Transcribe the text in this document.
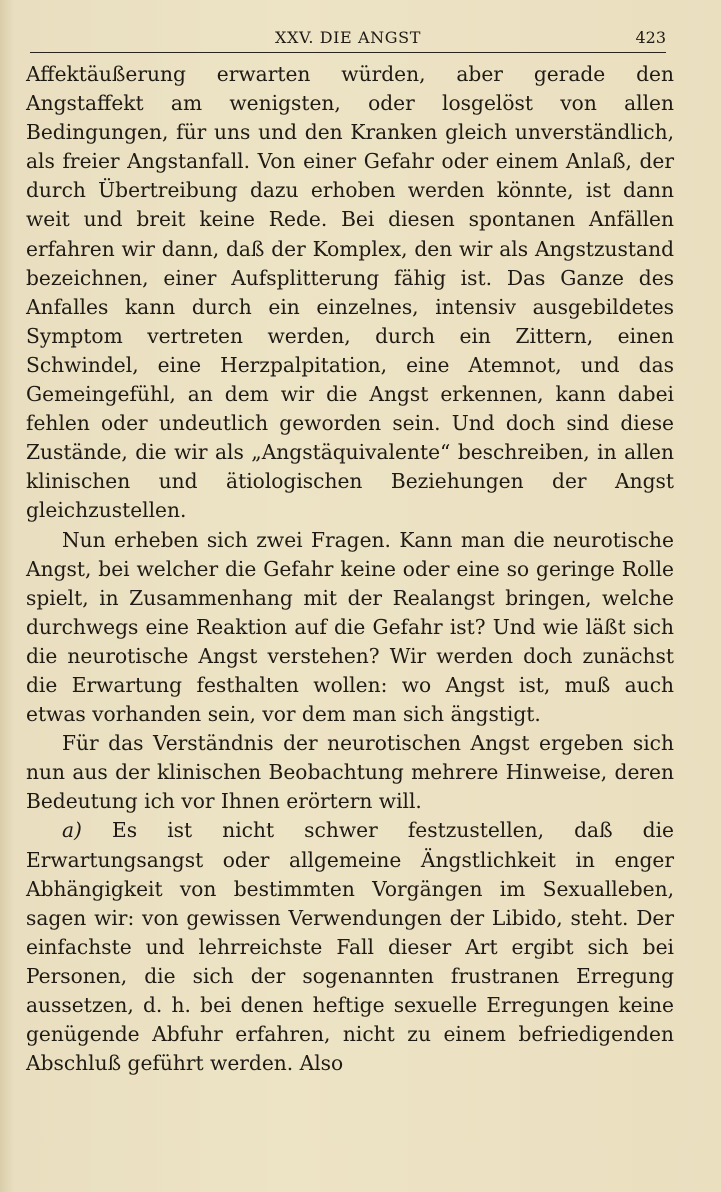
XXV. DIE ANGST	423

Affektäußerung erwarten würden, aber gerade den Angstaffekt am wenigsten, oder losgelöst von allen Bedingungen, für uns und den Kranken gleich unverständlich, als freier Angstanfall. Von einer Gefahr oder einem Anlaß, der durch Übertreibung dazu erhoben werden könnte, ist dann weit und breit keine Rede. Bei diesen spontanen Anfällen erfahren wir dann, daß der Komplex, den wir als Angstzustand bezeichnen, einer Aufsplitterung fähig ist. Das Ganze des Anfalles kann durch ein einzelnes, intensiv ausgebildetes Symptom vertreten werden, durch ein Zittern, einen Schwindel, eine Herzpalpitation, eine Atemnot, und das Gemeingefühl, an dem wir die Angst erkennen, kann dabei fehlen oder undeutlich geworden sein. Und doch sind diese Zustände, die wir als „Angstäquivalente“ beschreiben, in allen klinischen und ätiologischen Beziehungen der Angst gleichzustellen.

Nun erheben sich zwei Fragen. Kann man die neurotische Angst, bei welcher die Gefahr keine oder eine so geringe Rolle spielt, in Zusammenhang mit der Realangst bringen, welche durchwegs eine Reaktion auf die Gefahr ist? Und wie läßt sich die neurotische Angst verstehen? Wir werden doch zunächst die Erwartung festhalten wollen: wo Angst ist, muß auch etwas vorhanden sein, vor dem man sich ängstigt.

Für das Verständnis der neurotischen Angst ergeben sich nun aus der klinischen Beobachtung mehrere Hinweise, deren Bedeutung ich vor Ihnen erörtern will.

a) Es ist nicht schwer festzustellen, daß die Erwartungsangst oder allgemeine Ängstlichkeit in enger Abhängigkeit von bestimmten Vorgängen im Sexualleben, sagen wir: von gewissen Verwendungen der Libido, steht. Der einfachste und lehrreichste Fall dieser Art ergibt sich bei Personen, die sich der sogenannten frustranen Erregung aussetzen, d. h. bei denen heftige sexuelle Erregungen keine genügende Abfuhr erfahren, nicht zu einem befriedigenden Abschluß geführt werden. Also
